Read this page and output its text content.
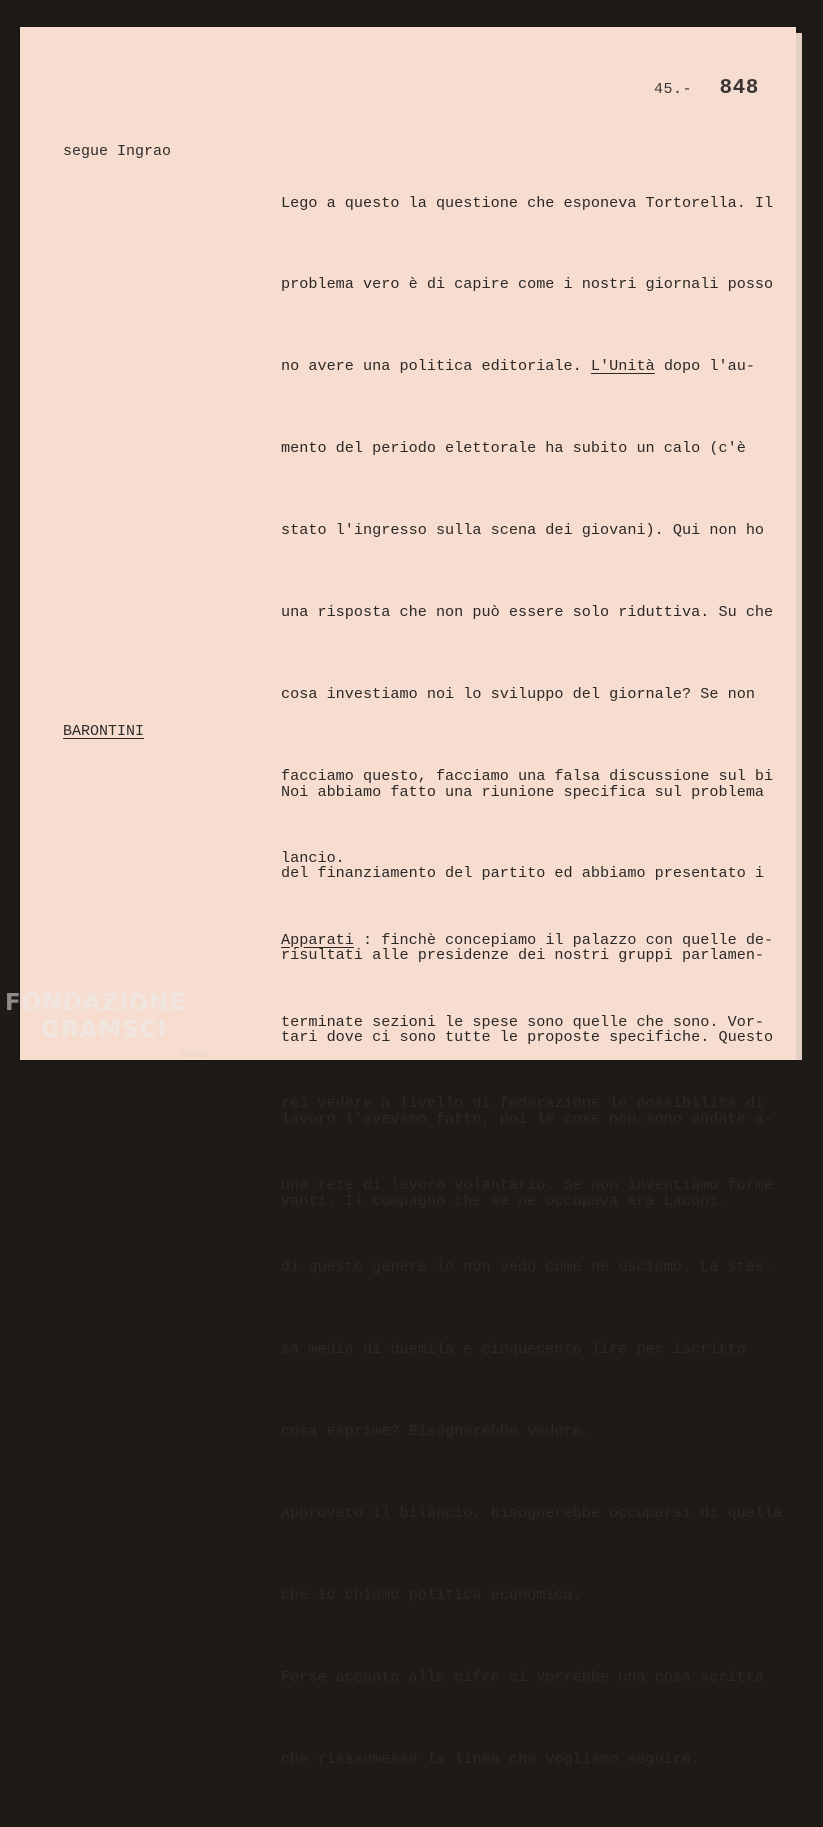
45.- 848
segue Ingrao

Lego a questo la questione che esponeva Tortorella. Il

problema vero è di capire come i nostri giornali posso

no avere una politica editoriale. L'Unità dopo l'au-

mento del periodo elettorale ha subito un calo (c'è

stato l'ingresso sulla scena dei giovani). Qui non ho

una risposta che non può essere solo riduttiva. Su che

cosa investiamo noi lo sviluppo del giornale? Se non

facciamo questo, facciamo una falsa discussione sul bi

lancio.

Apparati : finchè concepiamo il palazzo con quelle de-

terminate sezioni le spese sono quelle che sono. Vor-

rei vedere a livello di federazione le possibilità di

una rete di lavoro volantario. Se non inventiamo forme

di questo genere io non vedo come ne usciamo. La stes-

sa media di duemila e cinquecento lire per iscritto

cosa esprime? Bisognerebbe vedere.

Approvato il bilancio, bisognerebbe occuparsi di quella

che io chiamo politica economica.

Forse accanto alle cifre ci vorrebbe una cosa scritta

che riassumesse la linea che vogliamo seguire.

BARONTINI

Noi abbiamo fatto una riunione specifica sul problema

del finanziamento del partito ed abbiamo presentato i

risultati alle presidenze dei nostri gruppi parlamen-

tari dove ci sono tutte le proposte specifiche. Questo

lavoro l'avevamo fatto, poi le cose non sono andate a-

vanti. Il compagno che se ne occupava era Laconi.

FONDAZIONE
GRAMSCI
onlus
